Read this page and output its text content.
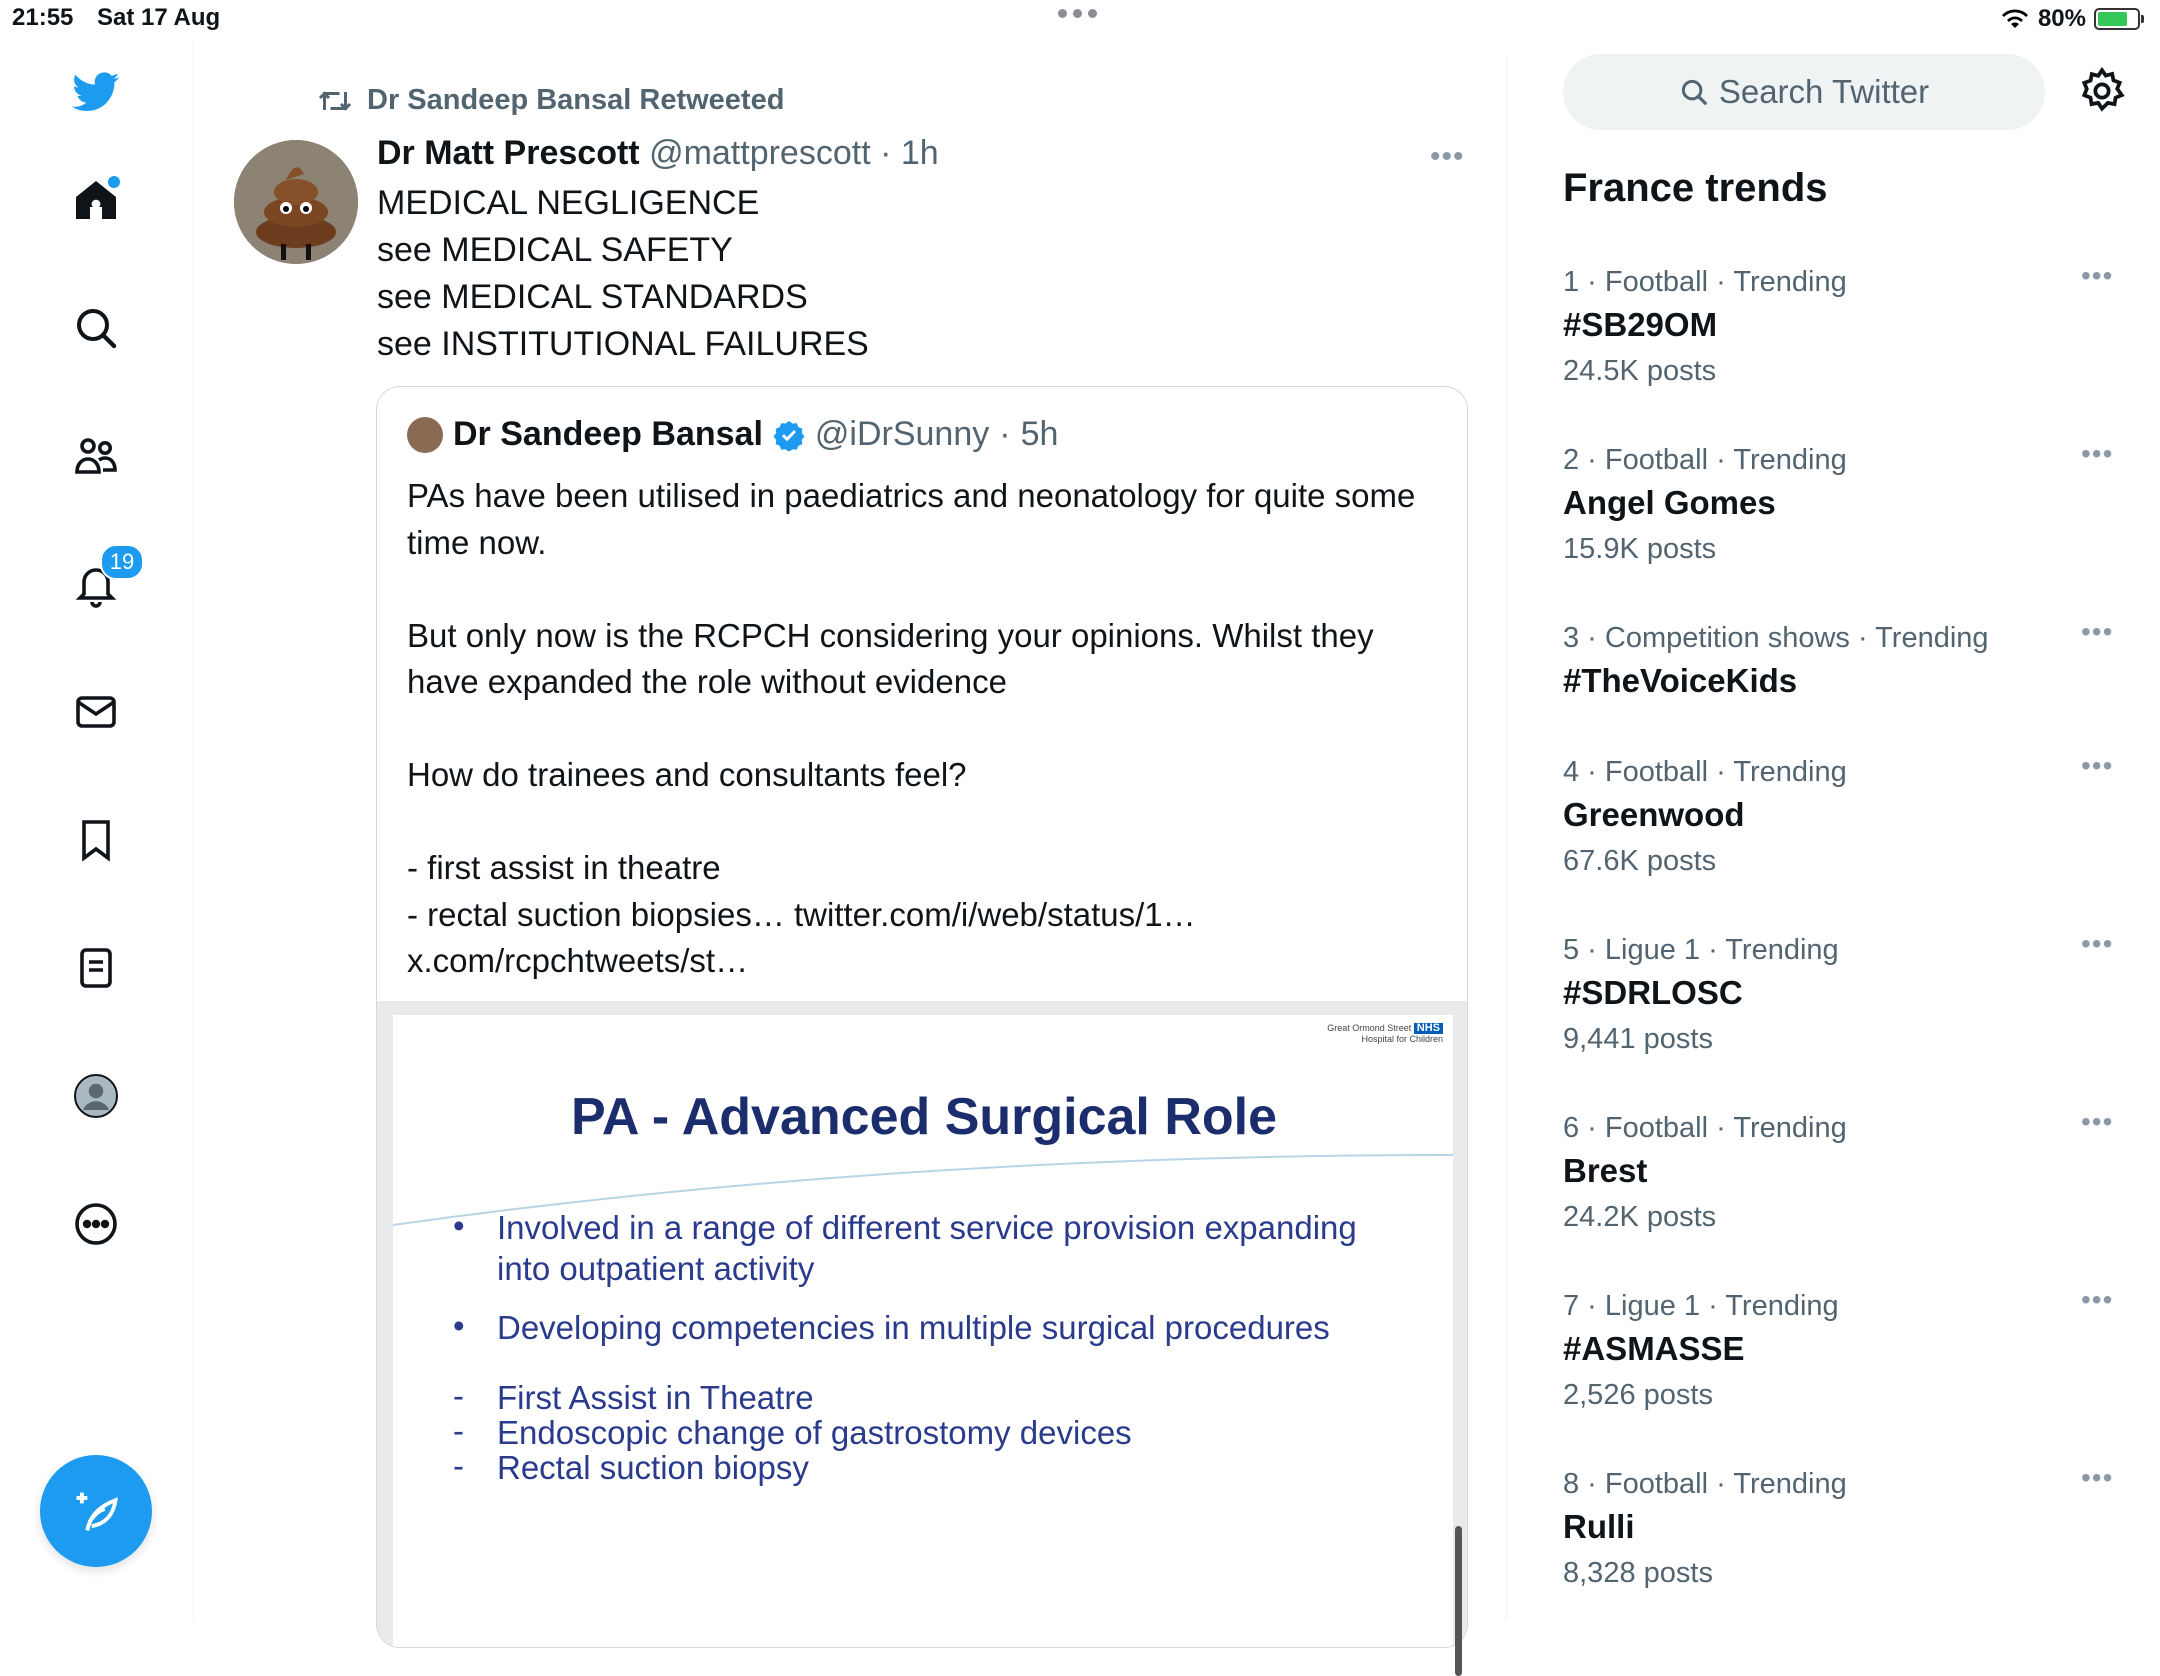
21:55 Sat 17 Aug	80%
19
Dr Sandeep Bansal Retweeted
Dr Matt Prescott @mattprescott · 1h	•••
MEDICAL NEGLIGENCE
see MEDICAL SAFETY
see MEDICAL STANDARDS
see INSTITUTIONAL FAILURES
Dr Sandeep Bansal @iDrSunny · 5h

PAs have been utilised in paediatrics and neonatology for quite some time now.

But only now is the RCPCH considering your opinions. Whilst they have expanded the role without evidence

How do trainees and consultants feel?

- first assist in theatre

- rectal suction biopsies… twitter.com/i/web/status/1… x.com/rcpchtweets/st…

Great Ormond Street NHS
Hospital for Children
PA - Advanced Surgical Role
• Involved in a range of different service provision expanding into outpatient activity
• Developing competencies in multiple surgical procedures
- First Assist in Theatre
- Endoscopic change of gastrostomy devices
- Rectal suction biopsy
Search Twitter
France trends
1 · Football · Trending
#SB29OM
24.5K posts
•••
2 · Football · Trending
Angel Gomes
15.9K posts
•••
3 · Competition shows · Trending
#TheVoiceKids
•••
4 · Football · Trending
Greenwood
67.6K posts
•••
5 · Ligue 1 · Trending
#SDRLOSC
9,441 posts
•••
6 · Football · Trending
Brest
24.2K posts
•••
7 · Ligue 1 · Trending
#ASMASSE
2,526 posts
•••
8 · Football · Trending
Rulli
8,328 posts
•••
